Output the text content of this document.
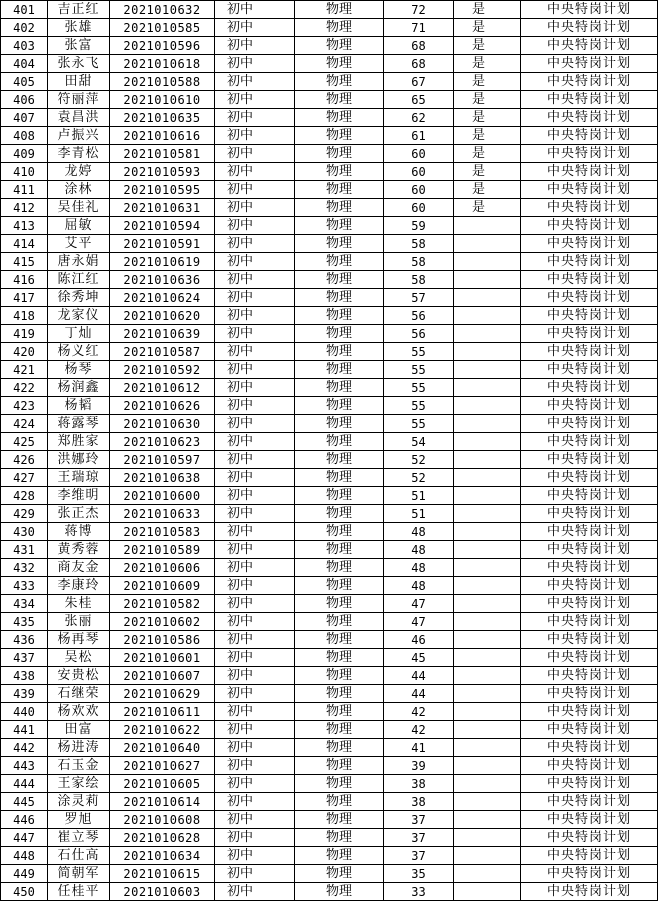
401	吉正红	2021010632	初中	物理	72	是	中央特岗计划
402	张雄	2021010585	初中	物理	71	是	中央特岗计划
403	张富	2021010596	初中	物理	68	是	中央特岗计划
404	张永飞	2021010618	初中	物理	68	是	中央特岗计划
405	田甜	2021010588	初中	物理	67	是	中央特岗计划
406	符丽萍	2021010610	初中	物理	65	是	中央特岗计划
407	袁昌洪	2021010635	初中	物理	62	是	中央特岗计划
408	卢振兴	2021010616	初中	物理	61	是	中央特岗计划
409	李青松	2021010581	初中	物理	60	是	中央特岗计划
410	龙婷	2021010593	初中	物理	60	是	中央特岗计划
411	涂林	2021010595	初中	物理	60	是	中央特岗计划
412	吴佳礼	2021010631	初中	物理	60	是	中央特岗计划
413	屈敏	2021010594	初中	物理	59		中央特岗计划
414	艾平	2021010591	初中	物理	58		中央特岗计划
415	唐永娟	2021010619	初中	物理	58		中央特岗计划
416	陈江红	2021010636	初中	物理	58		中央特岗计划
417	徐秀坤	2021010624	初中	物理	57		中央特岗计划
418	龙家仪	2021010620	初中	物理	56		中央特岗计划
419	丁灿	2021010639	初中	物理	56		中央特岗计划
420	杨义红	2021010587	初中	物理	55		中央特岗计划
421	杨琴	2021010592	初中	物理	55		中央特岗计划
422	杨润鑫	2021010612	初中	物理	55		中央特岗计划
423	杨韬	2021010626	初中	物理	55		中央特岗计划
424	蒋露琴	2021010630	初中	物理	55		中央特岗计划
425	郑胜家	2021010623	初中	物理	54		中央特岗计划
426	洪娜玲	2021010597	初中	物理	52		中央特岗计划
427	王瑞琼	2021010638	初中	物理	52		中央特岗计划
428	李维明	2021010600	初中	物理	51		中央特岗计划
429	张正杰	2021010633	初中	物理	51		中央特岗计划
430	蒋博	2021010583	初中	物理	48		中央特岗计划
431	黄秀蓉	2021010589	初中	物理	48		中央特岗计划
432	商友金	2021010606	初中	物理	48		中央特岗计划
433	李康玲	2021010609	初中	物理	48		中央特岗计划
434	朱桂	2021010582	初中	物理	47		中央特岗计划
435	张丽	2021010602	初中	物理	47		中央特岗计划
436	杨再琴	2021010586	初中	物理	46		中央特岗计划
437	吴松	2021010601	初中	物理	45		中央特岗计划
438	安贵松	2021010607	初中	物理	44		中央特岗计划
439	石继荣	2021010629	初中	物理	44		中央特岗计划
440	杨欢欢	2021010611	初中	物理	42		中央特岗计划
441	田富	2021010622	初中	物理	42		中央特岗计划
442	杨进涛	2021010640	初中	物理	41		中央特岗计划
443	石玉金	2021010627	初中	物理	39		中央特岗计划
444	王家绘	2021010605	初中	物理	38		中央特岗计划
445	涂灵莉	2021010614	初中	物理	38		中央特岗计划
446	罗旭	2021010608	初中	物理	37		中央特岗计划
447	崔立琴	2021010628	初中	物理	37		中央特岗计划
448	石仕高	2021010634	初中	物理	37		中央特岗计划
449	简朝军	2021010615	初中	物理	35		中央特岗计划
450	任桂平	2021010603	初中	物理	33		中央特岗计划
